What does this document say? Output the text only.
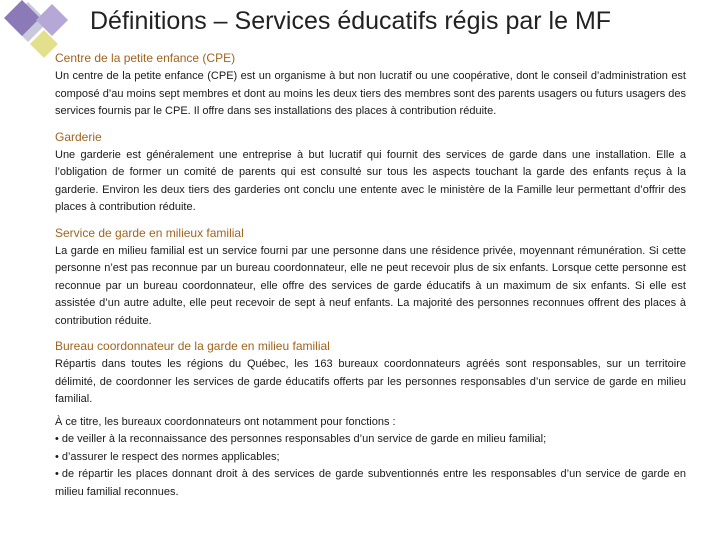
Définitions – Services éducatifs régis par le MF
Centre de la petite enfance (CPE)

Un centre de la petite enfance (CPE) est un organisme à but non lucratif ou une coopérative, dont le conseil d’administration est composé d’au moins sept membres et dont au moins les deux tiers des membres sont des parents usagers ou futurs usagers des services fournis par le CPE. Il offre dans ses installations des places à contribution réduite.

Garderie

Une garderie est généralement une entreprise à but lucratif qui fournit des services de garde dans une installation. Elle a l’obligation de former un comité de parents qui est consulté sur tous les aspects touchant la garde des enfants reçus à la garderie. Environ les deux tiers des garderies ont conclu une entente avec le ministère de la Famille leur permettant d’offrir des places à contribution réduite.

Service de garde en milieux familial

La garde en milieu familial est un service fourni par une personne dans une résidence privée, moyennant rémunération. Si cette personne n’est pas reconnue par un bureau coordonnateur, elle ne peut recevoir plus de six enfants. Lorsque cette personne est reconnue par un bureau coordonnateur, elle offre des services de garde éducatifs à un maximum de six enfants. Si elle est assistée d’un autre adulte, elle peut recevoir de sept à neuf enfants. La majorité des personnes reconnues offrent des places à contribution réduite.

Bureau coordonnateur de la garde en milieu familial

Répartis dans toutes les régions du Québec, les 163 bureaux coordonnateurs agréés sont responsables, sur un territoire délimité, de coordonner les services de garde éducatifs offerts par les personnes responsables d’un service de garde en milieu familial.

À ce titre, les bureaux coordonnateurs ont notamment pour fonctions :

• de veiller à la reconnaissance des personnes responsables d’un service de garde en milieu familial;
• d’assurer le respect des normes applicables;
• de répartir les places donnant droit à des services de garde subventionnés entre les responsables d’un service de garde en milieu familial reconnues.
